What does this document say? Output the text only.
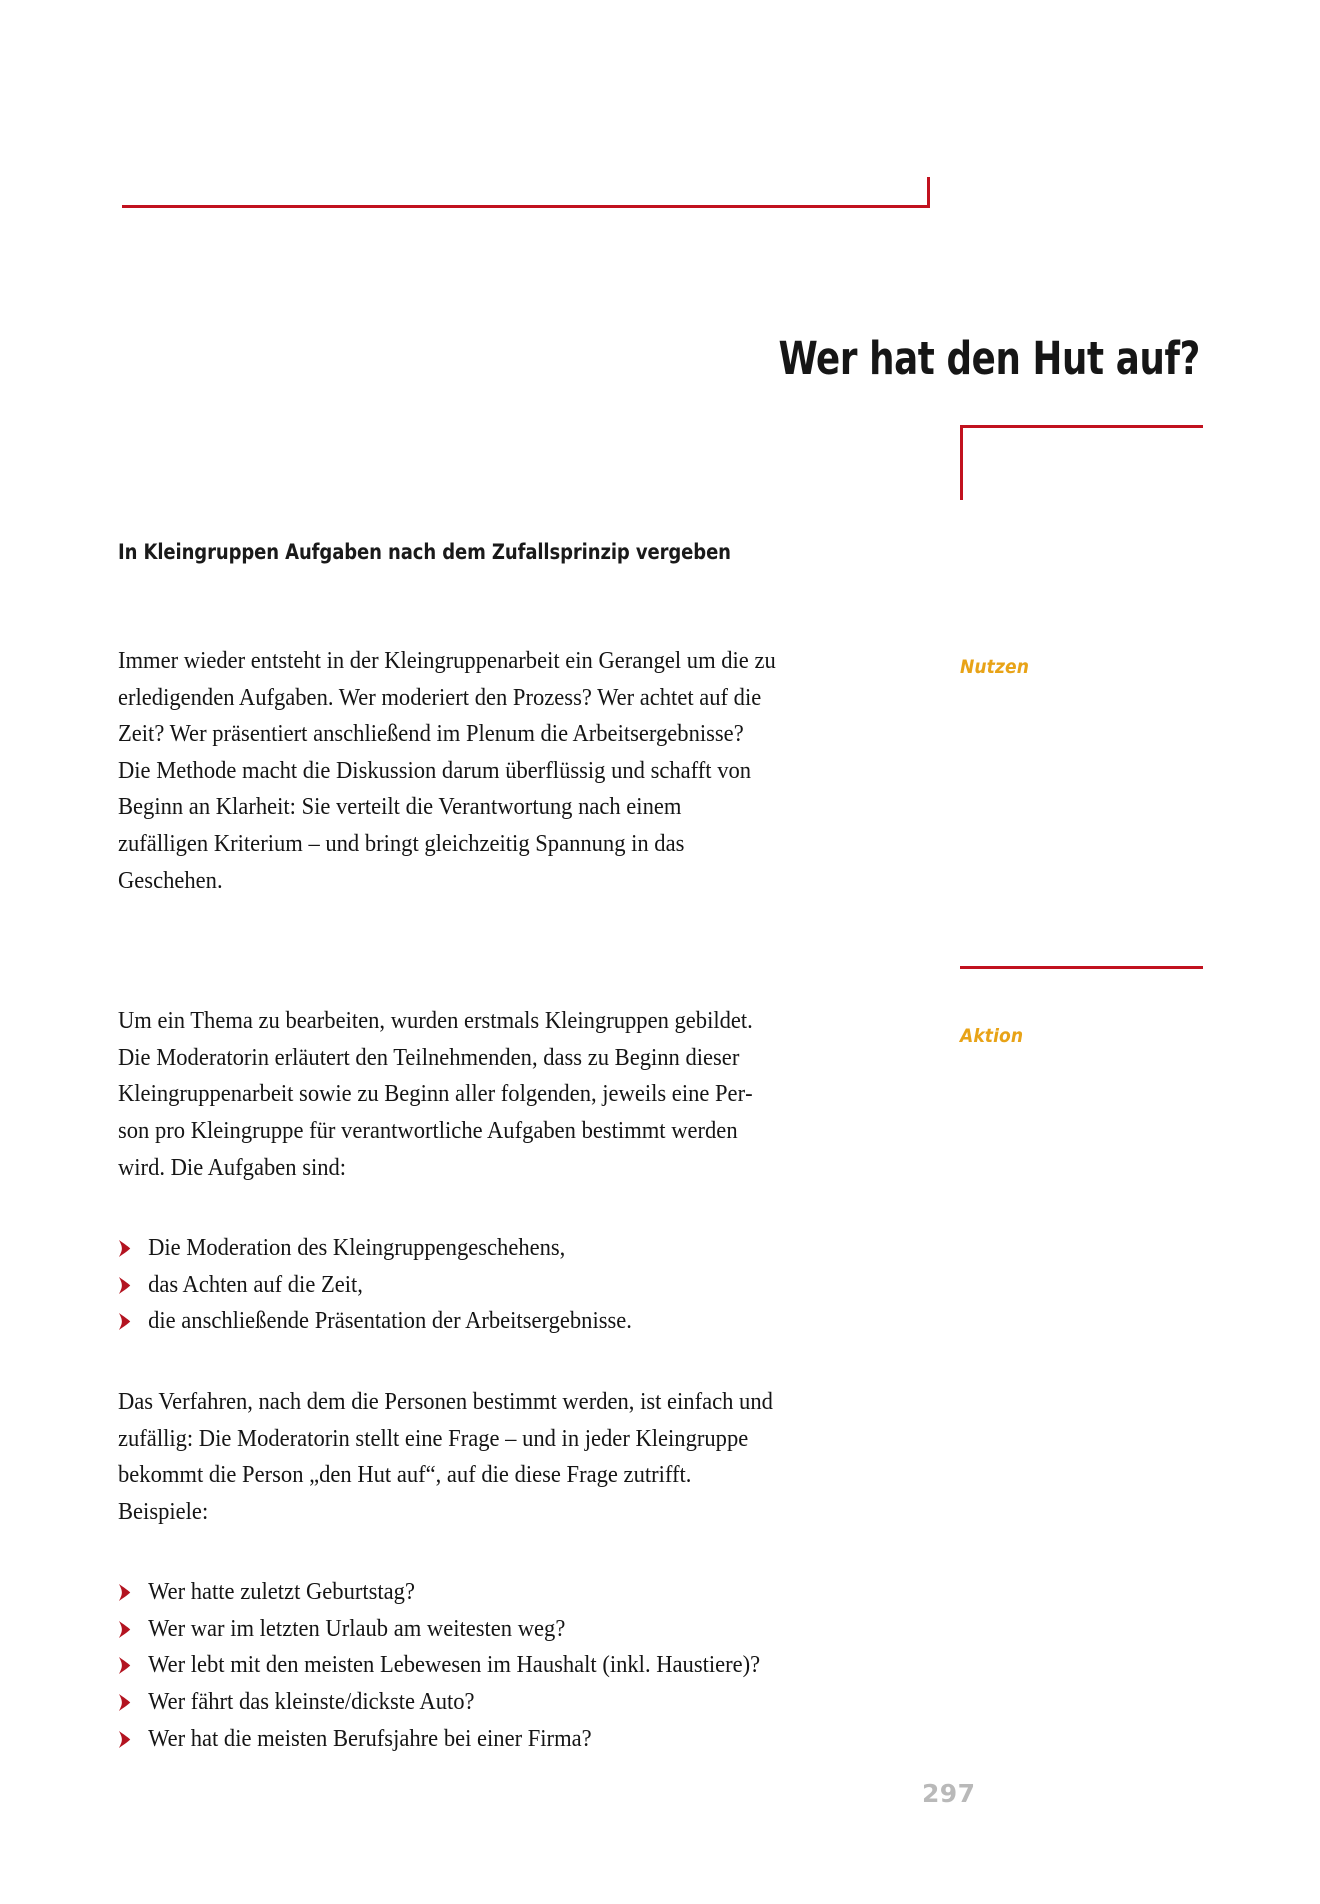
Wer hat den Hut auf?
Nutzen
Aktion
In Kleingruppen Aufgaben nach dem Zufallsprinzip vergeben

Immer wieder entsteht in der Kleingruppenarbeit ein Gerangel um die zu erledigenden Aufgaben. Wer moderiert den Prozess? Wer achtet auf die Zeit? Wer präsentiert anschließend im Plenum die Arbeitsergebnisse? Die Methode macht die Diskussion darum überflüssig und schafft von Beginn an Klarheit: Sie verteilt die Verantwortung nach einem zufälligen Kriterium – und bringt gleichzeitig Spannung in das Geschehen.

Um ein Thema zu bearbeiten, wurden erstmals Kleingruppen gebildet. Die Moderatorin erläutert den Teilnehmenden, dass zu Beginn dieser Kleingruppenarbeit sowie zu Beginn aller folgenden, jeweils eine Person pro Kleingruppe für verantwortliche Aufgaben bestimmt werden wird. Die Aufgaben sind:

Die Moderation des Kleingruppengeschehens,
das Achten auf die Zeit,
die anschließende Präsentation der Arbeitsergebnisse.

Das Verfahren, nach dem die Personen bestimmt werden, ist einfach und zufällig: Die Moderatorin stellt eine Frage – und in jeder Kleingruppe bekommt die Person „den Hut auf“, auf die diese Frage zutrifft. Beispiele:

Wer hatte zuletzt Geburtstag?
Wer war im letzten Urlaub am weitesten weg?
Wer lebt mit den meisten Lebewesen im Haushalt (inkl. Haustiere)?
Wer fährt das kleinste/dickste Auto?
Wer hat die meisten Berufsjahre bei einer Firma?
297
